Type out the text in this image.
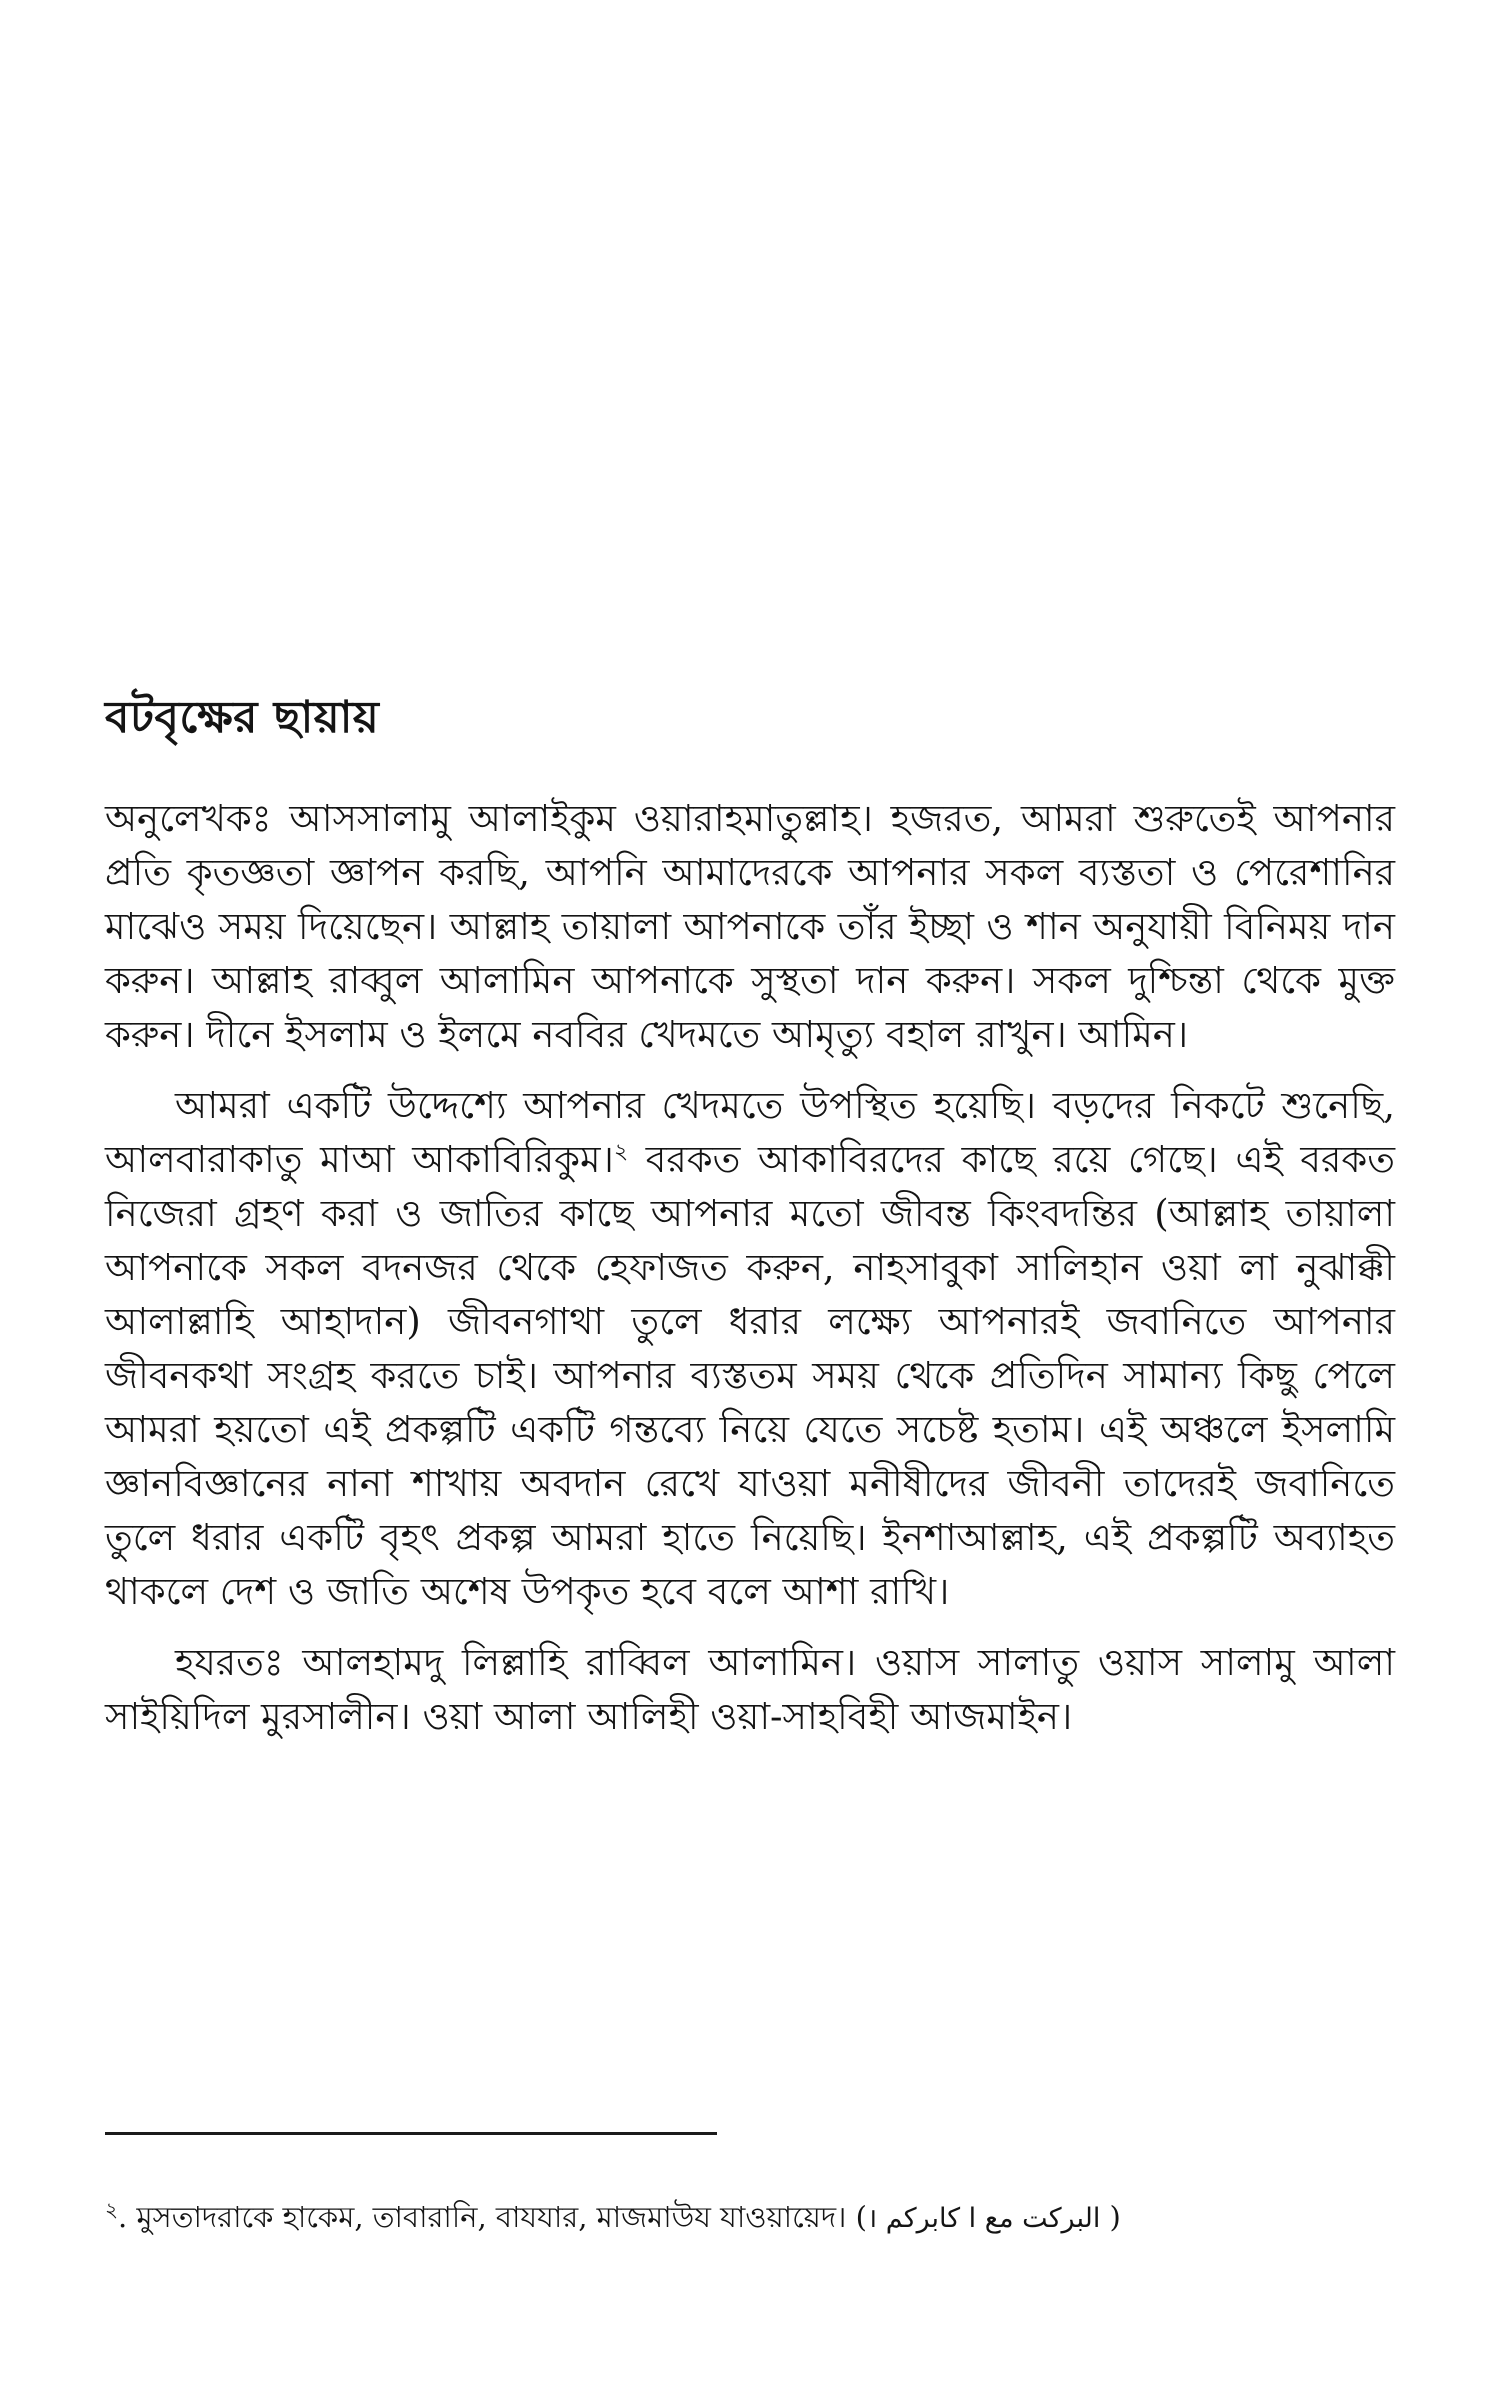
বটবৃক্ষের ছায়ায়

অনুলেখকঃ আসসালামু আলাইকুম ওয়ারাহমাতুল্লাহ। হজরত, আমরা শুরুতেই আপনার প্রতি কৃতজ্ঞতা জ্ঞাপন করছি, আপনি আমাদেরকে আপনার সকল ব্যস্ততা ও পেরেশানির মাঝেও সময় দিয়েছেন। আল্লাহ তায়ালা আপনাকে তাঁর ইচ্ছা ও শান অনুযায়ী বিনিময় দান করুন। আল্লাহ রাব্বুল আলামিন আপনাকে সুস্থতা দান করুন। সকল দুশ্চিন্তা থেকে মুক্ত করুন। দীনে ইসলাম ও ইলমে নববির খেদমতে আমৃত্যু বহাল রাখুন। আমিন।

আমরা একটি উদ্দেশ্যে আপনার খেদমতে উপস্থিত হয়েছি। বড়দের নিকটে শুনেছি, আলবারাকাতু মাআ আকাবিরিকুম।$^২$ বরকত আকাবিরদের কাছে রয়ে গেছে। এই বরকত নিজেরা গ্রহণ করা ও জাতির কাছে আপনার মতো জীবন্ত কিংবদন্তির (আল্লাহ তায়ালা আপনাকে সকল বদনজর থেকে হেফাজত করুন, নাহসাবুকা সালিহান ওয়া লা নুঝাক্কী আলাল্লাহি আহাদান) জীবনগাথা তুলে ধরার লক্ষ্যে আপনারই জবানিতে আপনার জীবনকথা সংগ্রহ করতে চাই। আপনার ব্যস্ততম সময় থেকে প্রতিদিন সামান্য কিছু পেলে আমরা হয়তো এই প্রকল্পটি একটি গন্তব্যে নিয়ে যেতে সচেষ্ট হতাম। এই অঞ্চলে ইসলামি জ্ঞানবিজ্ঞানের নানা শাখায় অবদান রেখে যাওয়া মনীষীদের জীবনী তাদেরই জবানিতে তুলে ধরার একটি বৃহৎ প্রকল্প আমরা হাতে নিয়েছি। ইনশাআল্লাহ, এই প্রকল্পটি অব্যাহত থাকলে দেশ ও জাতি অশেষ উপকৃত হবে বলে আশা রাখি।

হযরতঃ আলহামদু লিল্লাহি রাব্বিল আলামিন। ওয়াস সালাতু ওয়াস সালামু আলা সাইয়িদিল মুরসালীন। ওয়া আলা আলিহী ওয়া-সাহবিহী আজমাইন।

$^২$. মুসতাদরাকে হাকেম, তাবারানি, বাযযার, মাজমাউয যাওয়ায়েদ। (البركت مع ا كابركم । )
